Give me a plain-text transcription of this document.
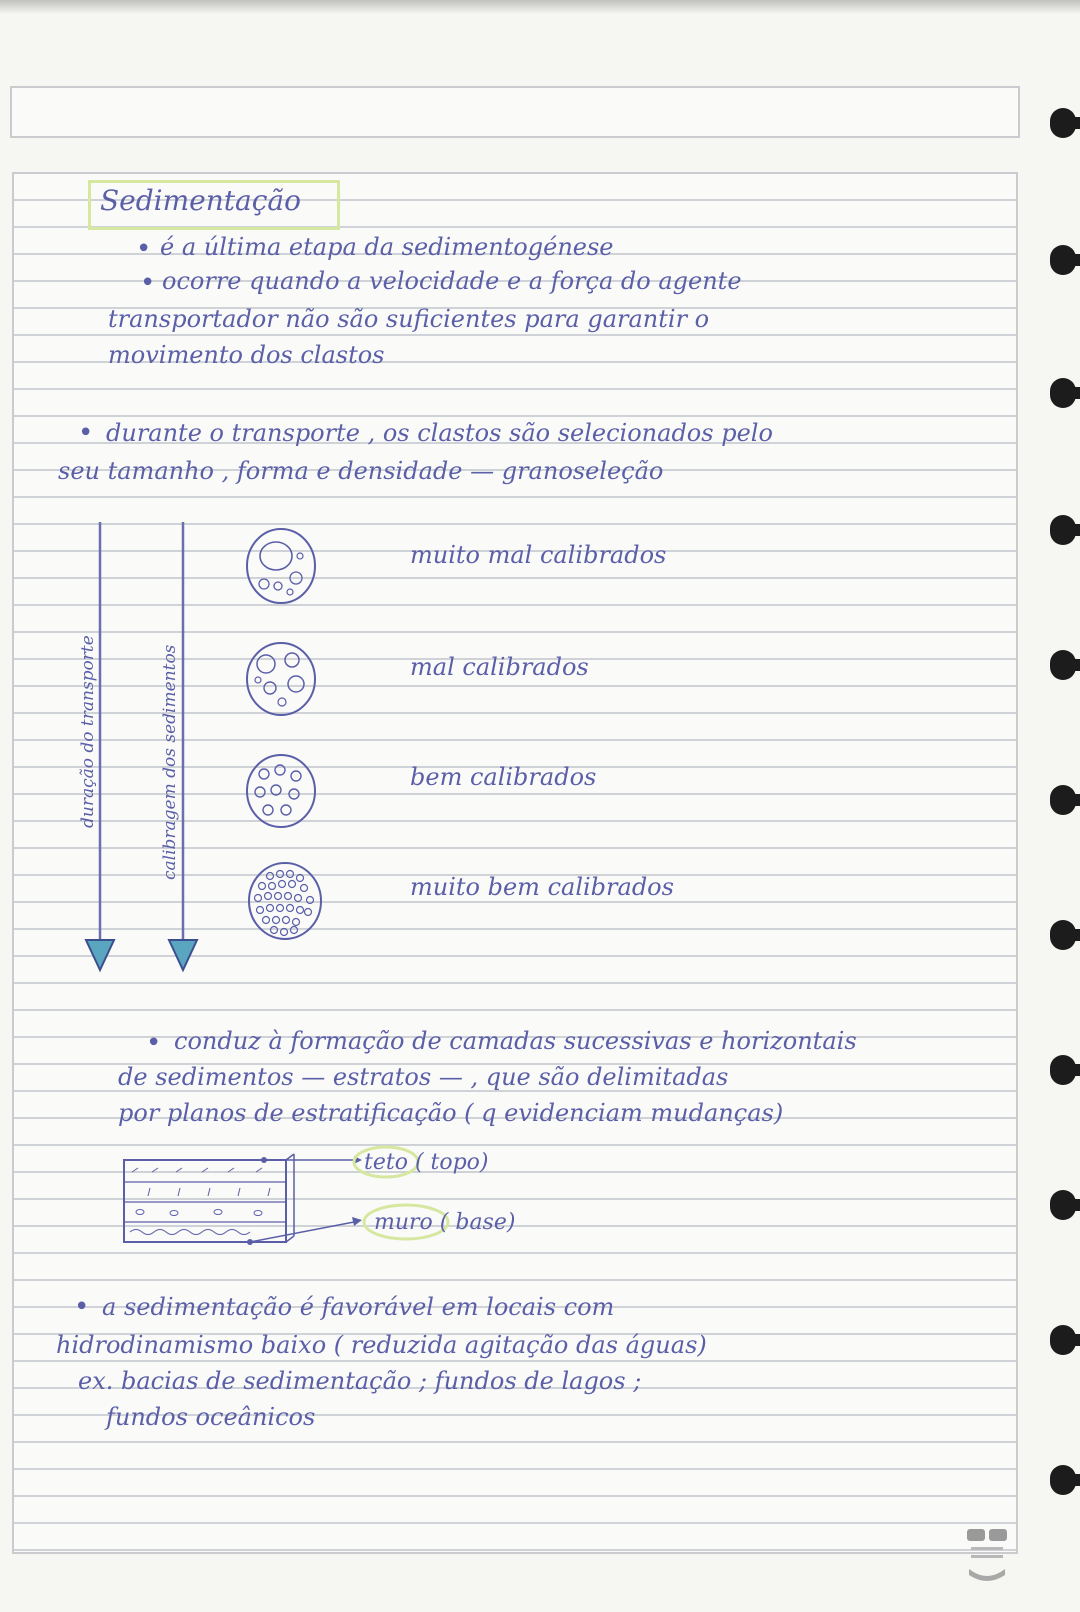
Sedimentação
• é a última etapa da sedimentogénese
• ocorre quando a velocidade e a força do agente
transportador não são suficientes para garantir o
movimento dos clastos
• durante o transporte , os clastos são selecionados pelo
seu tamanho , forma e densidade — granoseleção
duração do transporte	calibragem dos sedimentos
muito mal calibrados
mal calibrados
bem calibrados
muito bem calibrados
• conduz à formação de camadas sucessivas e horizontais
de sedimentos — estratos — , que são delimitadas
por planos de estratificação ( q evidenciam mudanças)
teto ( topo)
muro ( base)
• a sedimentação é favorável em locais com
hidrodinamismo baixo ( reduzida agitação das águas)
ex. bacias de sedimentação ; fundos de lagos ;
fundos oceânicos
